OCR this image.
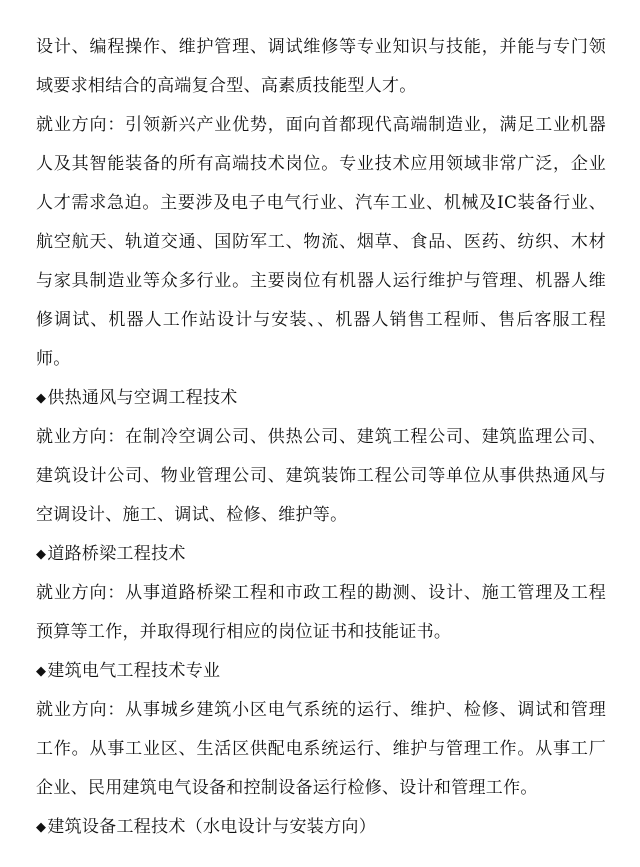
设计、编程操作、维护管理、调试维修等专业知识与技能，并能与专门领域要求相结合的高端复合型、高素质技能型人才。

就业方向：引领新兴产业优势，面向首都现代高端制造业，满足工业机器人及其智能装备的所有高端技术岗位。专业技术应用领域非常广泛，企业人才需求急迫。主要涉及电子电气行业、汽车工业、机械及IC装备行业、航空航天、轨道交通、国防军工、物流、烟草、食品、医药、纺织、木材与家具制造业等众多行业。主要岗位有机器人运行维护与管理、机器人维修调试、机器人工作站设计与安装、、机器人销售工程师、售后客服工程师。

◆供热通风与空调工程技术

就业方向：在制冷空调公司、供热公司、建筑工程公司、建筑监理公司、建筑设计公司、物业管理公司、建筑装饰工程公司等单位从事供热通风与空调设计、施工、调试、检修、维护等。

◆道路桥梁工程技术

就业方向：从事道路桥梁工程和市政工程的勘测、设计、施工管理及工程预算等工作，并取得现行相应的岗位证书和技能证书。

◆建筑电气工程技术专业

就业方向：从事城乡建筑小区电气系统的运行、维护、检修、调试和管理工作。从事工业区、生活区供配电系统运行、维护与管理工作。从事工厂企业、民用建筑电气设备和控制设备运行检修、设计和管理工作。

◆建筑设备工程技术（水电设计与安装方向）
